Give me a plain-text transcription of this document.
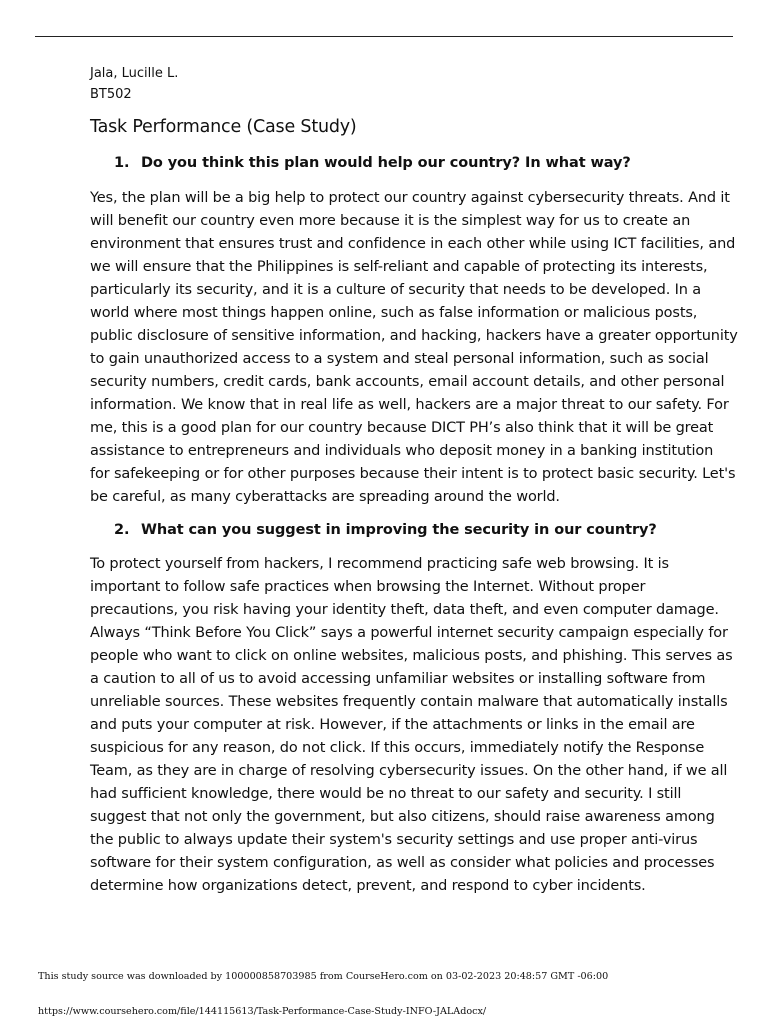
Jala, Lucille L.
BT502
Task Performance (Case Study)
1. Do you think this plan would help our country? In what way?
Yes, the plan will be a big help to protect our country against cybersecurity threats. And it
will benefit our country even more because it is the simplest way for us to create an
environment that ensures trust and confidence in each other while using ICT facilities, and
we will ensure that the Philippines is self-reliant and capable of protecting its interests,
particularly its security, and it is a culture of security that needs to be developed. In a
world where most things happen online, such as false information or malicious posts,
public disclosure of sensitive information, and hacking, hackers have a greater opportunity
to gain unauthorized access to a system and steal personal information, such as social
security numbers, credit cards, bank accounts, email account details, and other personal
information. We know that in real life as well, hackers are a major threat to our safety. For
me, this is a good plan for our country because DICT PH’s also think that it will be great
assistance to entrepreneurs and individuals who deposit money in a banking institution
for safekeeping or for other purposes because their intent is to protect basic security. Let's
be careful, as many cyberattacks are spreading around the world.
2. What can you suggest in improving the security in our country?
To protect yourself from hackers, I recommend practicing safe web browsing. It is
important to follow safe practices when browsing the Internet. Without proper
precautions, you risk having your identity theft, data theft, and even computer damage.
Always “Think Before You Click” says a powerful internet security campaign especially for
people who want to click on online websites, malicious posts, and phishing. This serves as
a caution to all of us to avoid accessing unfamiliar websites or installing software from
unreliable sources. These websites frequently contain malware that automatically installs
and puts your computer at risk. However, if the attachments or links in the email are
suspicious for any reason, do not click. If this occurs, immediately notify the Response
Team, as they are in charge of resolving cybersecurity issues. On the other hand, if we all
had sufficient knowledge, there would be no threat to our safety and security. I still
suggest that not only the government, but also citizens, should raise awareness among
the public to always update their system's security settings and use proper anti-virus
software for their system configuration, as well as consider what policies and processes
determine how organizations detect, prevent, and respond to cyber incidents.
This study source was downloaded by 100000858703985 from CourseHero.com on 03-02-2023 20:48:57 GMT -06:00
https://www.coursehero.com/file/144115613/Task-Performance-Case-Study-INFO-JALAdocx/
